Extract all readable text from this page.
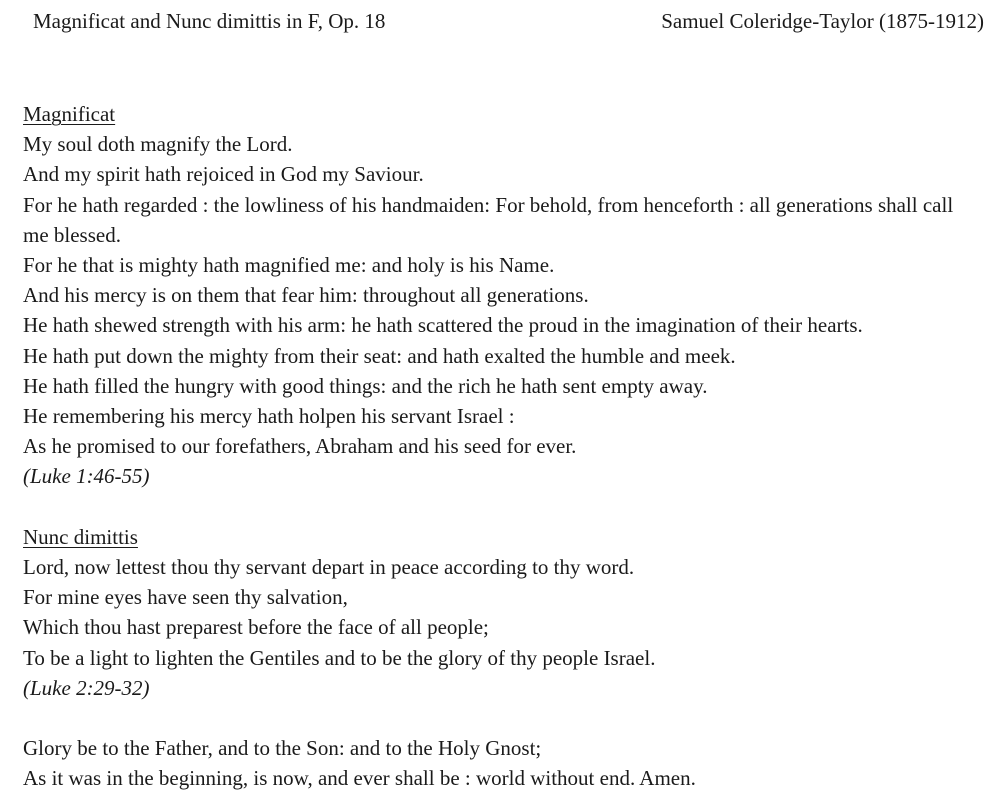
Magnificat and Nunc dimittis in F, Op. 18	Samuel Coleridge-Taylor (1875-1912)
Magnificat
My soul doth magnify the Lord.
And my spirit hath rejoiced in God my Saviour.
For he hath regarded : the lowliness of his handmaiden: For behold, from henceforth : all generations shall call me blessed.
For he that is mighty hath magnified me: and holy is his Name.
And his mercy is on them that fear him: throughout all generations.
He hath shewed strength with his arm: he hath scattered the proud in the imagination of their hearts.
He hath put down the mighty from their seat: and hath exalted the humble and meek.
He hath filled the hungry with good things: and the rich he hath sent empty away.
He remembering his mercy hath holpen his servant Israel :
As he promised to our forefathers, Abraham and his seed for ever.
(Luke 1:46-55)
Nunc dimittis
Lord, now lettest thou thy servant depart in peace according to thy word.
For mine eyes have seen thy salvation,
Which thou hast preparest before the face of all people;
To be a light to lighten the Gentiles and to be the glory of thy people Israel.
(Luke 2:29-32)
Glory be to the Father, and to the Son: and to the Holy Gnost;
As it was in the beginning, is now, and ever shall be : world without end. Amen.
